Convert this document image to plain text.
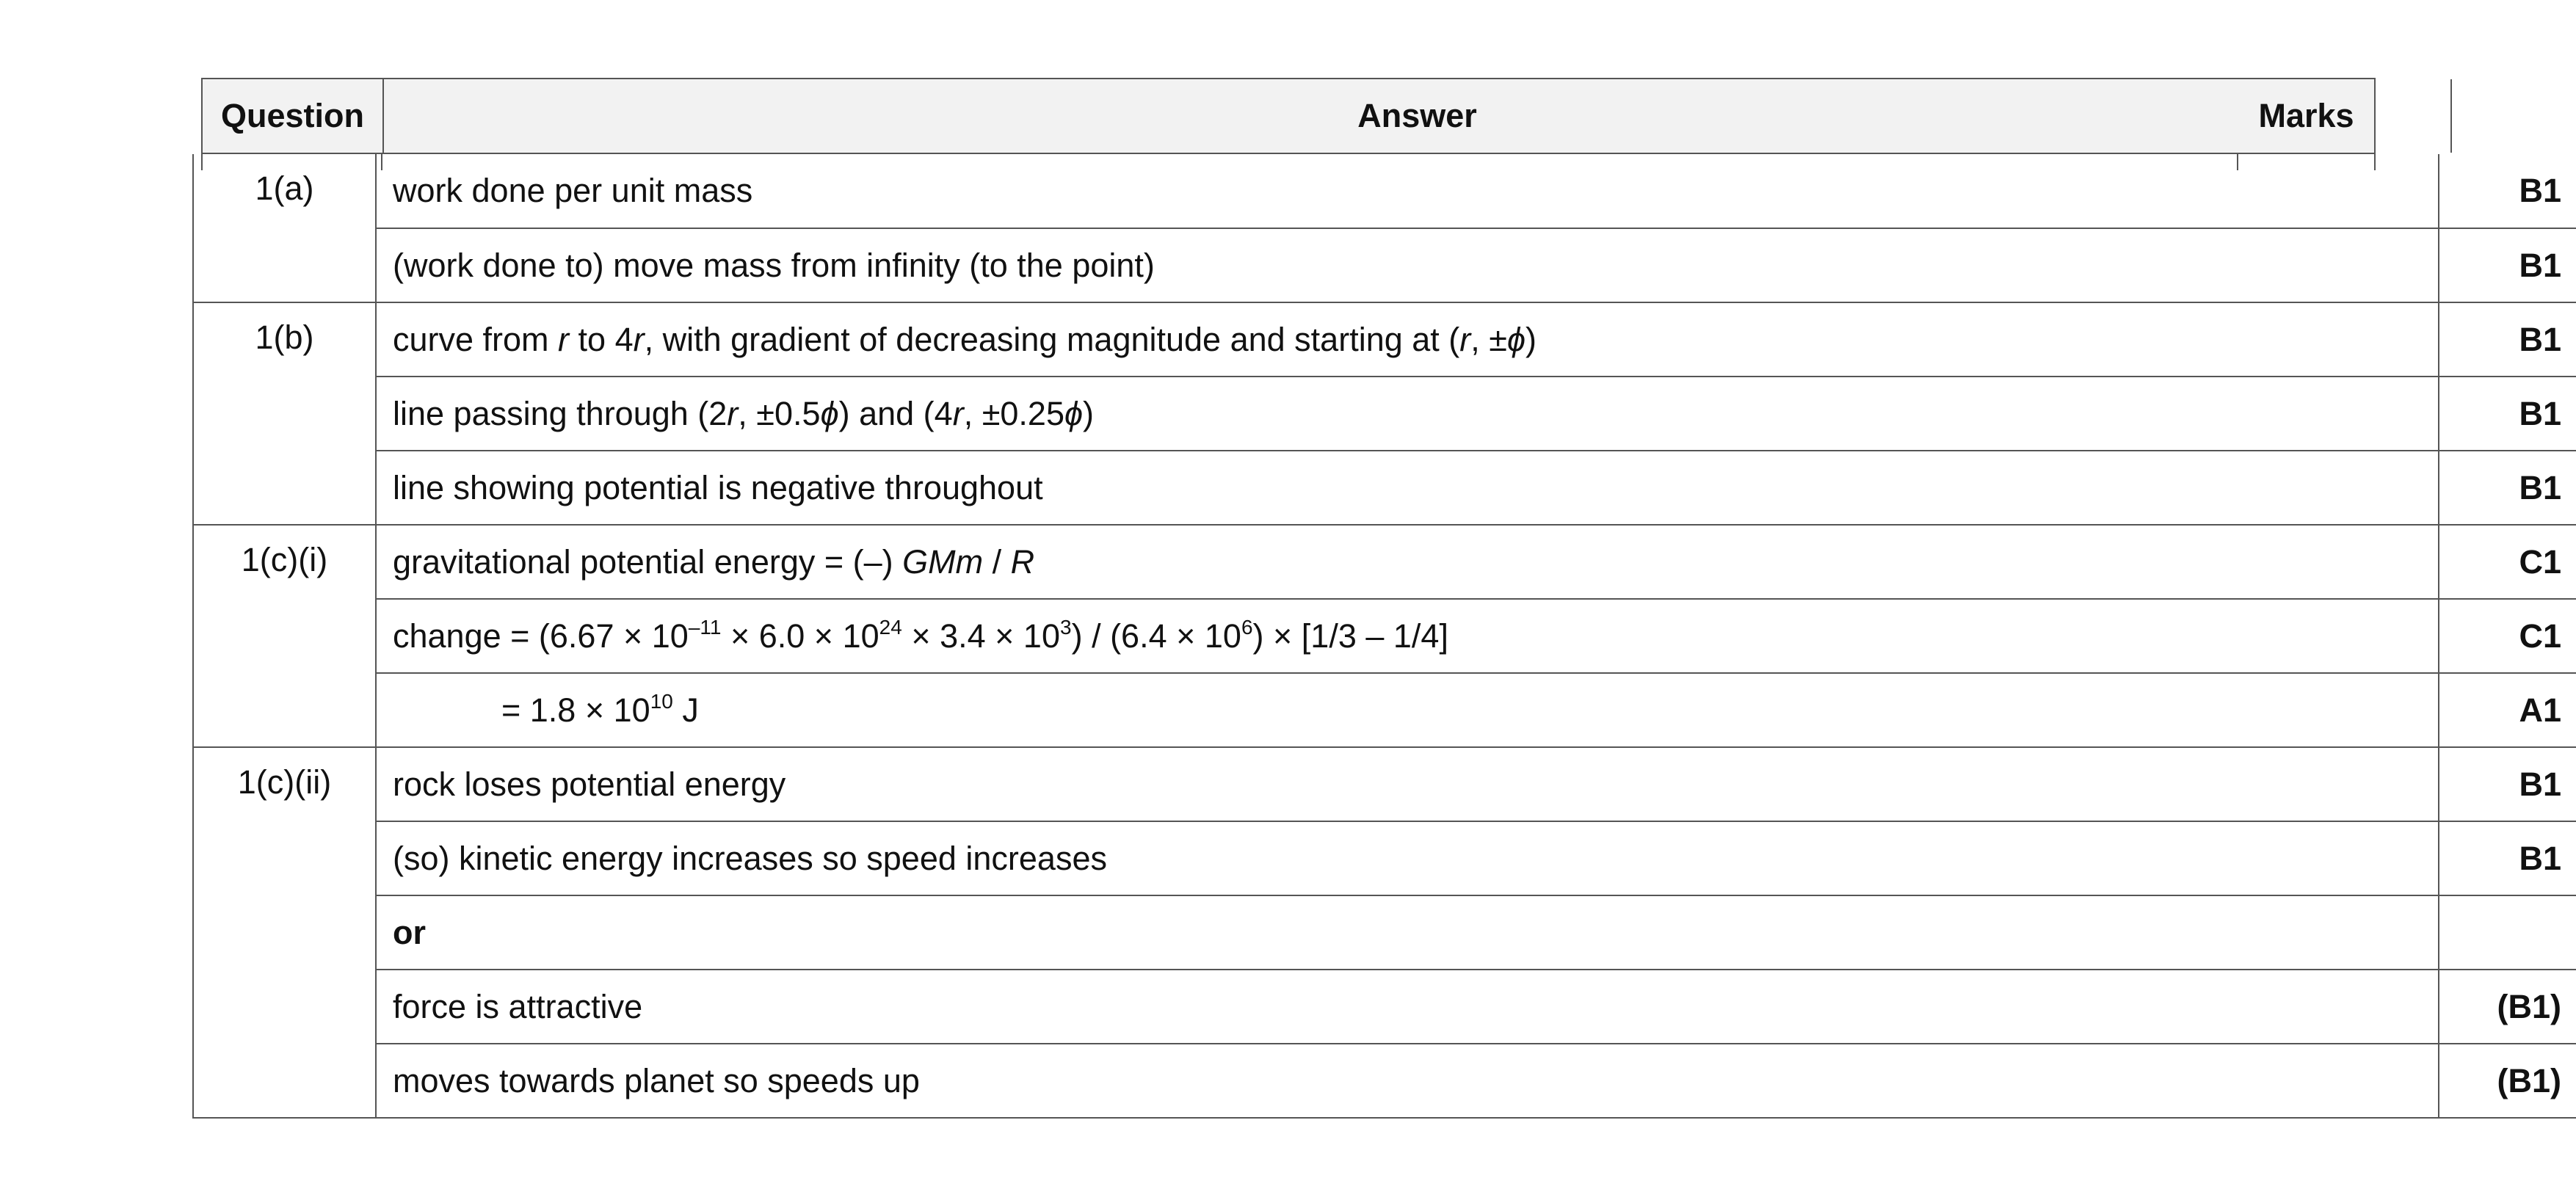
Question	Answer	Marks
1(a)	work done per unit mass	B1
	(work done to) move mass from infinity (to the point)	B1
1(b)	curve from r to 4r, with gradient of decreasing magnitude and starting at (r, ±ϕ)	B1
	line passing through (2r, ±0.5ϕ) and (4r, ±0.25ϕ)	B1
	line showing potential is negative throughout	B1
1(c)(i)	gravitational potential energy = (–) GMm / R	C1
	change = $(6.67 \times 10^{-11} \times 6.0 \times 10^{24} \times 3.4 \times 10^3) / (6.4 \times 10^6) \times [1/3 - 1/4]$	C1
	= $1.8 \times 10^{10}$ J	A1
1(c)(ii)	rock loses potential energy	B1
	(so) kinetic energy increases so speed increases	B1
	or	
	force is attractive	(B1)
	moves towards planet so speeds up	(B1)
